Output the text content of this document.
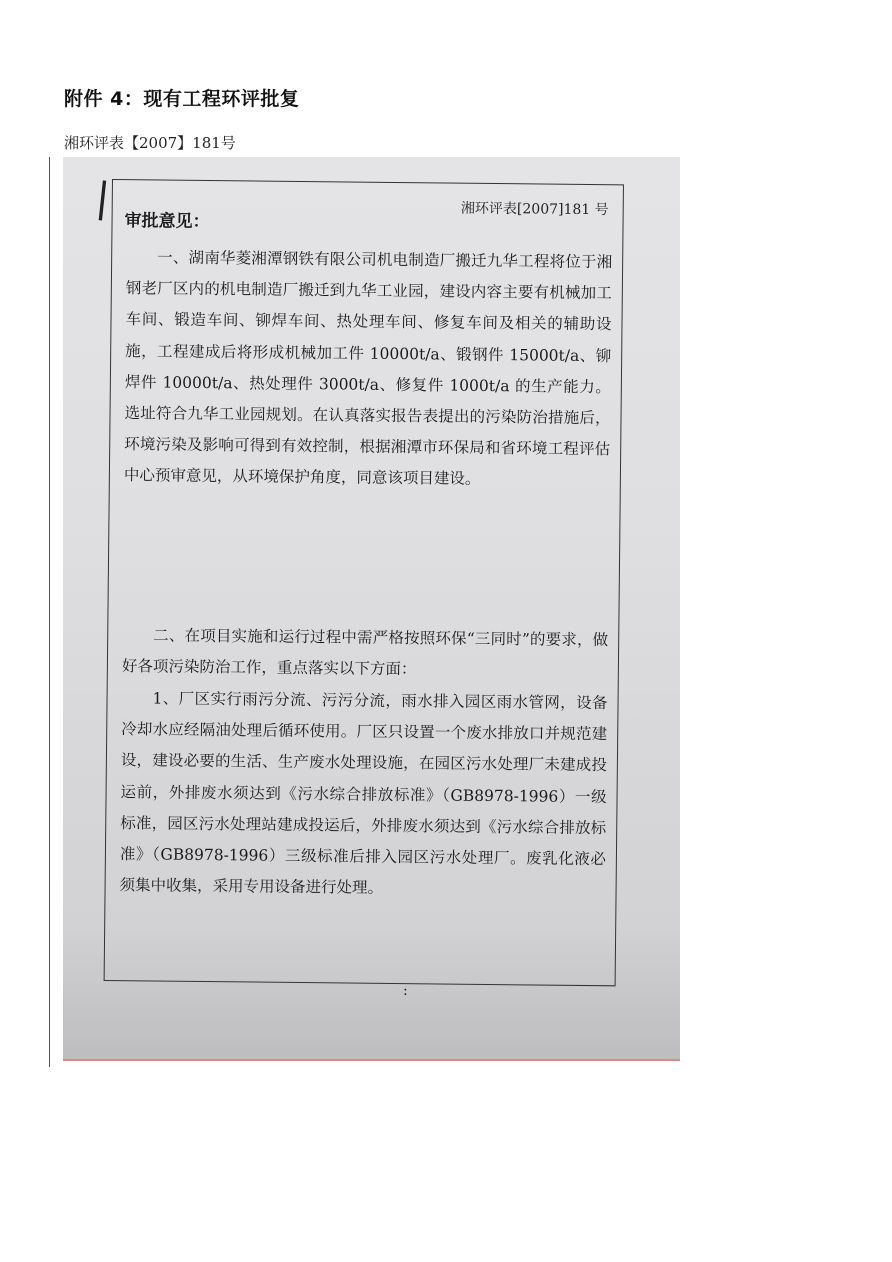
附件 4：现有工程环评批复
湘环评表【2007】181号
|	湘环评表[2007]181 号
审批意见：
一、湖南华菱湘潭钢铁有限公司机电制造厂搬迁九华工程将位于湘钢老厂区内的机电制造厂搬迁到九华工业园，建设内容主要有机械加工车间、锻造车间、铆焊车间、热处理车间、修复车间及相关的辅助设施，工程建成后将形成机械加工件 10000t/a、锻钢件 15000t/a、铆焊件 10000t/a、热处理件 3000t/a、修复件 1000t/a 的生产能力。选址符合九华工业园规划。在认真落实报告表提出的污染防治措施后，环境污染及影响可得到有效控制，根据湘潭市环保局和省环境工程评估中心预审意见，从环境保护角度，同意该项目建设。
二、在项目实施和运行过程中需严格按照环保“三同时”的要求，做好各项污染防治工作，重点落实以下方面：
1、厂区实行雨污分流、污污分流，雨水排入园区雨水管网，设备冷却水应经隔油处理后循环使用。厂区只设置一个废水排放口并规范建设，建设必要的生活、生产废水处理设施，在园区污水处理厂未建成投运前，外排废水须达到《污水综合排放标准》（GB8978-1996）一级标准，园区污水处理站建成投运后，外排废水须达到《污水综合排放标准》（GB8978-1996）三级标准后排入园区污水处理厂。废乳化液必须集中收集，采用专用设备进行处理。
:
